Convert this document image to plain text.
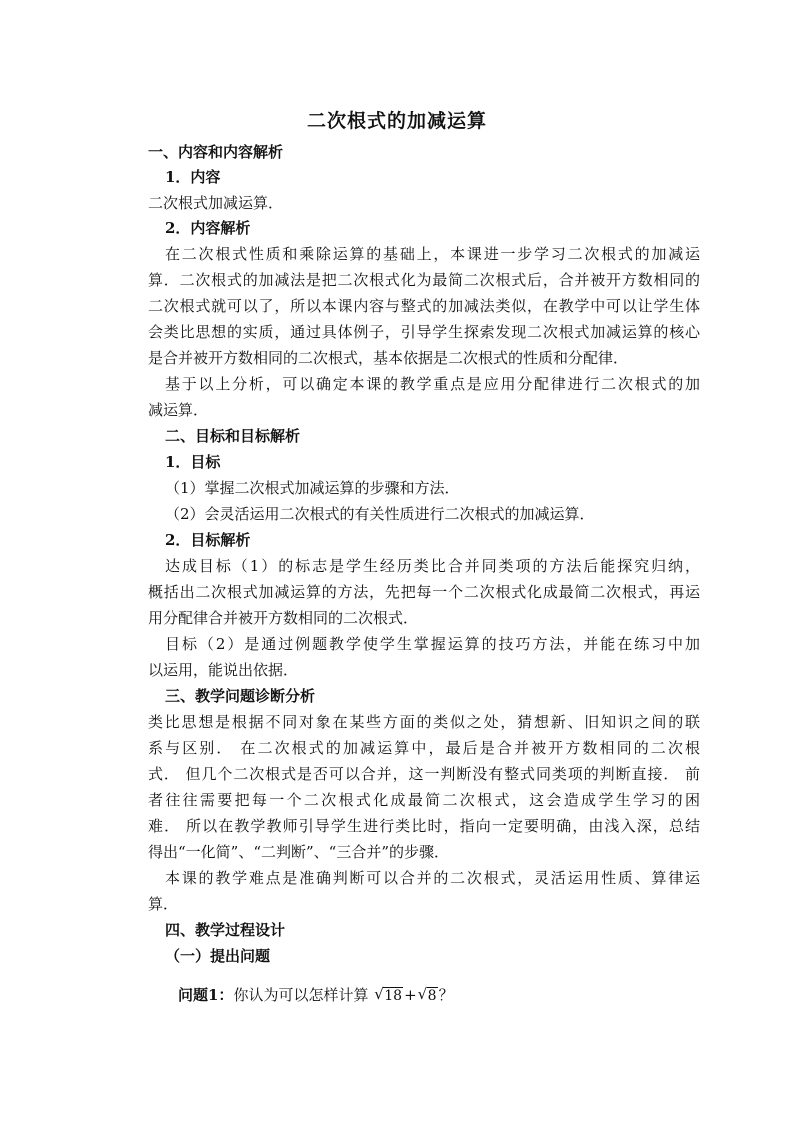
二次根式的加减运算
一、内容和内容解析
1．内容
二次根式加减运算．
2．内容解析
在二次根式性质和乘除运算的基础上，本课进一步学习二次根式的加减运
算．二次根式的加减法是把二次根式化为最简二次根式后，合并被开方数相同的
二次根式就可以了，所以本课内容与整式的加减法类似，在教学中可以让学生体
会类比思想的实质，通过具体例子，引导学生探索发现二次根式加减运算的核心
是合并被开方数相同的二次根式，基本依据是二次根式的性质和分配律．
基于以上分析，可以确定本课的教学重点是应用分配律进行二次根式的加
减运算．
二、目标和目标解析
1．目标
（1）掌握二次根式加减运算的步骤和方法．
（2）会灵活运用二次根式的有关性质进行二次根式的加减运算．
2．目标解析
达成目标（1）的标志是学生经历类比合并同类项的方法后能探究归纳，
概括出二次根式加减运算的方法，先把每一个二次根式化成最简二次根式，再运
用分配律合并被开方数相同的二次根式．
目标（2）是通过例题教学使学生掌握运算的技巧方法，并能在练习中加
以运用，能说出依据．
三、教学问题诊断分析
类比思想是根据不同对象在某些方面的类似之处，猜想新、旧知识之间的联
系与区别． 在二次根式的加减运算中，最后是合并被开方数相同的二次根
式． 但几个二次根式是否可以合并，这一判断没有整式同类项的判断直接． 前
者往往需要把每一个二次根式化成最简二次根式，这会造成学生学习的困
难． 所以在教学教师引导学生进行类比时，指向一定要明确，由浅入深，总结
得出“一化简”、“二判断”、“三合并”的步骤．
本课的教学难点是准确判断可以合并的二次根式，灵活运用性质、算律运
算．
四、教学过程设计
（一）提出问题
问题1：你认为可以怎样计算 √ 18 + √ 8 ？
